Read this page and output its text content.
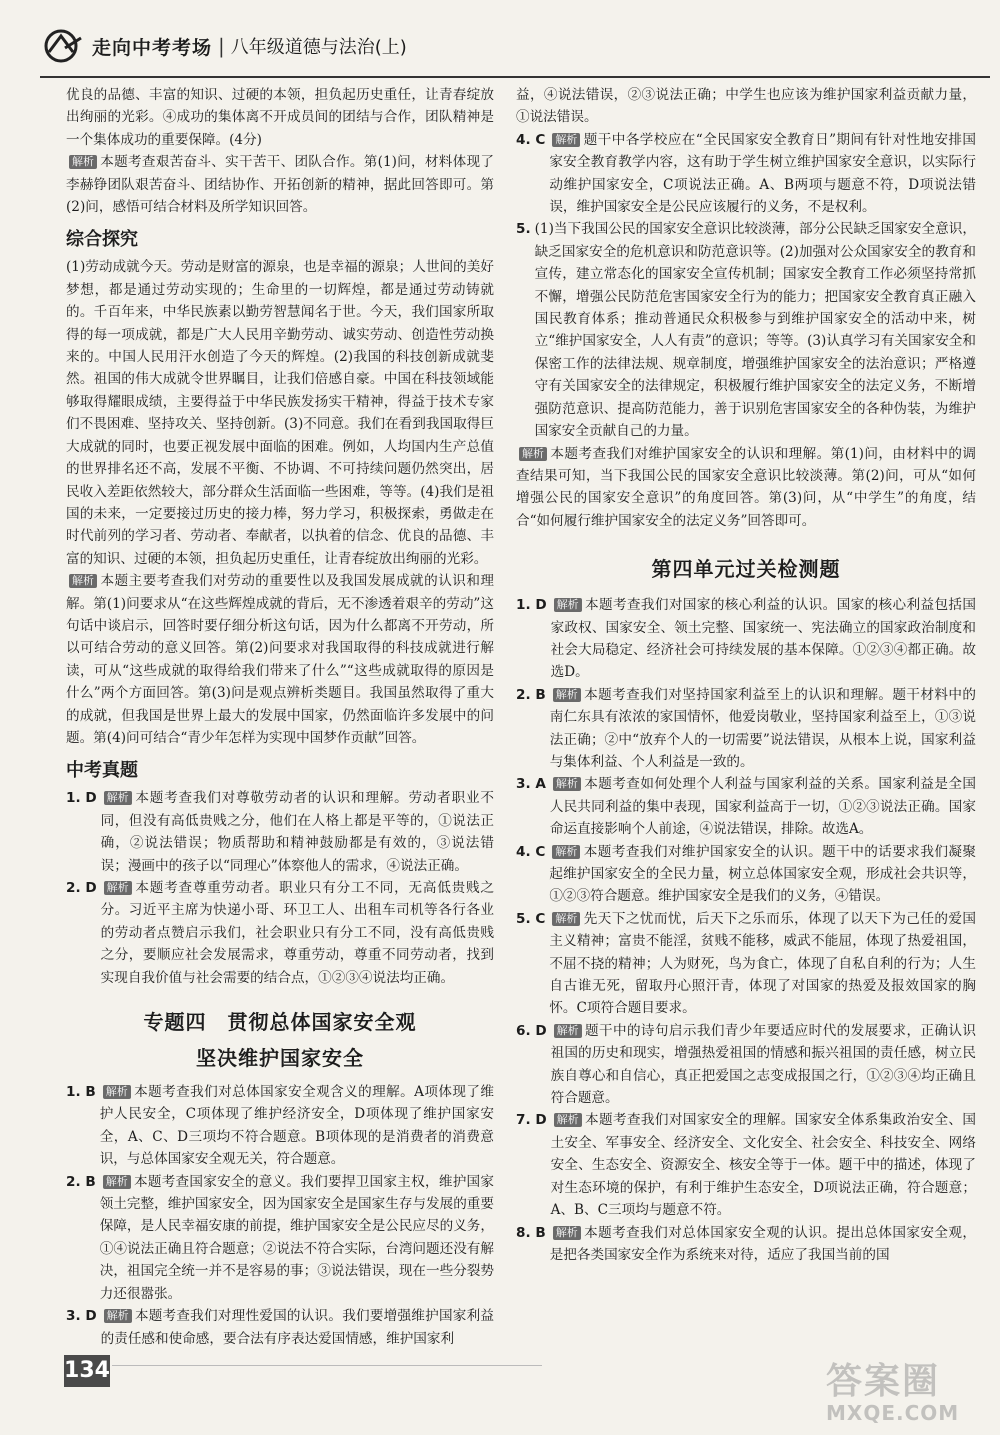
走向中考考场 | 八年级道德与法治(上)

优良的品德、丰富的知识、过硬的本领，担负起历史重任，让青春绽放出绚丽的光彩。④成功的集体离不开成员间的团结与合作，团队精神是一个集体成功的重要保障。(4分)

解析 本题考查艰苦奋斗、实干苦干、团队合作。第(1)问，材料体现了李赫铮团队艰苦奋斗、团结协作、开拓创新的精神，据此回答即可。第(2)问，感悟可结合材料及所学知识回答。

综合探究

(1)劳动成就今天。劳动是财富的源泉，也是幸福的源泉；人世间的美好梦想，都是通过劳动实现的；生命里的一切辉煌，都是通过劳动铸就的。千百年来，中华民族素以勤劳智慧闻名于世。今天，我们国家所取得的每一项成就，都是广大人民用辛勤劳动、诚实劳动、创造性劳动换来的。中国人民用汗水创造了今天的辉煌。(2)我国的科技创新成就斐然。祖国的伟大成就令世界瞩目，让我们倍感自豪。中国在科技领域能够取得耀眼成绩，主要得益于中华民族发扬实干精神，得益于技术专家们不畏困难、坚持攻关、坚持创新。(3)不同意。我们在看到我国取得巨大成就的同时，也要正视发展中面临的困难。例如，人均国内生产总值的世界排名还不高，发展不平衡、不协调、不可持续问题仍然突出，居民收入差距依然较大，部分群众生活面临一些困难，等等。(4)我们是祖国的未来，一定要接过历史的接力棒，努力学习，积极探索，勇做走在时代前列的学习者、劳动者、奉献者，以执着的信念、优良的品德、丰富的知识、过硬的本领，担负起历史重任，让青春绽放出绚丽的光彩。

解析 本题主要考查我们对劳动的重要性以及我国发展成就的认识和理解。第(1)问要求从“在这些辉煌成就的背后，无不渗透着艰辛的劳动”这句话中谈启示，回答时要仔细分析这句话，因为什么都离不开劳动，所以可结合劳动的意义回答。第(2)问要求对我国取得的科技成就进行解读，可从“这些成就的取得给我们带来了什么”“这些成就取得的原因是什么”两个方面回答。第(3)问是观点辨析类题目。我国虽然取得了重大的成就，但我国是世界上最大的发展中国家，仍然面临许多发展中的问题。第(4)问可结合“青少年怎样为实现中国梦作贡献”回答。

中考真题
1. D 解析 本题考查我们对尊敬劳动者的认识和理解。劳动者职业不同，但没有高低贵贱之分，他们在人格上都是平等的，①说法正确，②说法错误；物质帮助和精神鼓励都是有效的，③说法错误；漫画中的孩子以“同理心”体察他人的需求，④说法正确。
2. D 解析 本题考查尊重劳动者。职业只有分工不同，无高低贵贱之分。习近平主席为快递小哥、环卫工人、出租车司机等各行各业的劳动者点赞启示我们，社会职业只有分工不同，没有高低贵贱之分，要顺应社会发展需求，尊重劳动，尊重不同劳动者，找到实现自我价值与社会需要的结合点，①②③④说法均正确。
专题四　贯彻总体国家安全观
坚决维护国家安全
1. B 解析 本题考查我们对总体国家安全观含义的理解。A项体现了维护人民安全，C项体现了维护经济安全，D项体现了维护国家安全，A、C、D三项均不符合题意。B项体现的是消费者的消费意识，与总体国家安全观无关，符合题意。
2. B 解析 本题考查国家安全的意义。我们要捍卫国家主权，维护国家领土完整，维护国家安全，因为国家安全是国家生存与发展的重要保障，是人民幸福安康的前提，维护国家安全是公民应尽的义务，①④说法正确且符合题意；②说法不符合实际，台湾问题还没有解决，祖国完全统一并不是容易的事；③说法错误，现在一些分裂势力还很嚣张。
3. D 解析 本题考查我们对理性爱国的认识。我们要增强维护国家利益的责任感和使命感，要合法有序表达爱国情感，维护国家利

益，④说法错误，②③说法正确；中学生也应该为维护国家利益贡献力量，①说法错误。

4. C 解析 题干中各学校应在“全民国家安全教育日”期间有针对性地安排国家安全教育教学内容，这有助于学生树立维护国家安全意识，以实际行动维护国家安全，C项说法正确。A、B两项与题意不符，D项说法错误，维护国家安全是公民应该履行的义务，不是权利。
5. (1)当下我国公民的国家安全意识比较淡薄，部分公民缺乏国家安全意识，缺乏国家安全的危机意识和防范意识等。(2)加强对公众国家安全的教育和宣传，建立常态化的国家安全宣传机制；国家安全教育工作必须坚持常抓不懈，增强公民防范危害国家安全行为的能力；把国家安全教育真正融入国民教育体系；推动普通民众积极参与到维护国家安全的活动中来，树立“维护国家安全，人人有责”的意识；等等。(3)认真学习有关国家安全和保密工作的法律法规、规章制度，增强维护国家安全的法治意识；严格遵守有关国家安全的法律规定，积极履行维护国家安全的法定义务，不断增强防范意识、提高防范能力，善于识别危害国家安全的各种伪装，为维护国家安全贡献自己的力量。

解析 本题考查我们对维护国家安全的认识和理解。第(1)问，由材料中的调查结果可知，当下我国公民的国家安全意识比较淡薄。第(2)问，可从“如何增强公民的国家安全意识”的角度回答。第(3)问，从“中学生”的角度，结合“如何履行维护国家安全的法定义务”回答即可。

第四单元过关检测题
1. D 解析 本题考查我们对国家的核心利益的认识。国家的核心利益包括国家政权、国家安全、领土完整、国家统一、宪法确立的国家政治制度和社会大局稳定、经济社会可持续发展的基本保障。①②③④都正确。故选D。
2. B 解析 本题考查我们对坚持国家利益至上的认识和理解。题干材料中的南仁东具有浓浓的家国情怀，他爱岗敬业，坚持国家利益至上，①③说法正确；②中“放弃个人的一切需要”说法错误，从根本上说，国家利益与集体利益、个人利益是一致的。
3. A 解析 本题考查如何处理个人利益与国家利益的关系。国家利益是全国人民共同利益的集中表现，国家利益高于一切，①②③说法正确。国家命运直接影响个人前途，④说法错误，排除。故选A。
4. C 解析 本题考查我们对维护国家安全的认识。题干中的话要求我们凝聚起维护国家安全的全民力量，树立总体国家安全观，形成社会共识等，①②③符合题意。维护国家安全是我们的义务，④错误。
5. C 解析 先天下之忧而忧，后天下之乐而乐，体现了以天下为己任的爱国主义精神；富贵不能淫，贫贱不能移，威武不能屈，体现了热爱祖国，不屈不挠的精神；人为财死，鸟为食亡，体现了自私自利的行为；人生自古谁无死，留取丹心照汗青，体现了对国家的热爱及报效国家的胸怀。C项符合题目要求。
6. D 解析 题干中的诗句启示我们青少年要适应时代的发展要求，正确认识祖国的历史和现实，增强热爱祖国的情感和振兴祖国的责任感，树立民族自尊心和自信心，真正把爱国之志变成报国之行，①②③④均正确且符合题意。
7. D 解析 本题考查我们对国家安全的理解。国家安全体系集政治安全、国土安全、军事安全、经济安全、文化安全、社会安全、科技安全、网络安全、生态安全、资源安全、核安全等于一体。题干中的描述，体现了对生态环境的保护，有利于维护生态安全，D项说法正确，符合题意；A、B、C三项均与题意不符。
8. B 解析 本题考查我们对总体国家安全观的认识。提出总体国家安全观，是把各类国家安全作为系统来对待，适应了我国当前的国
134	答案圈
MXQE.COM
